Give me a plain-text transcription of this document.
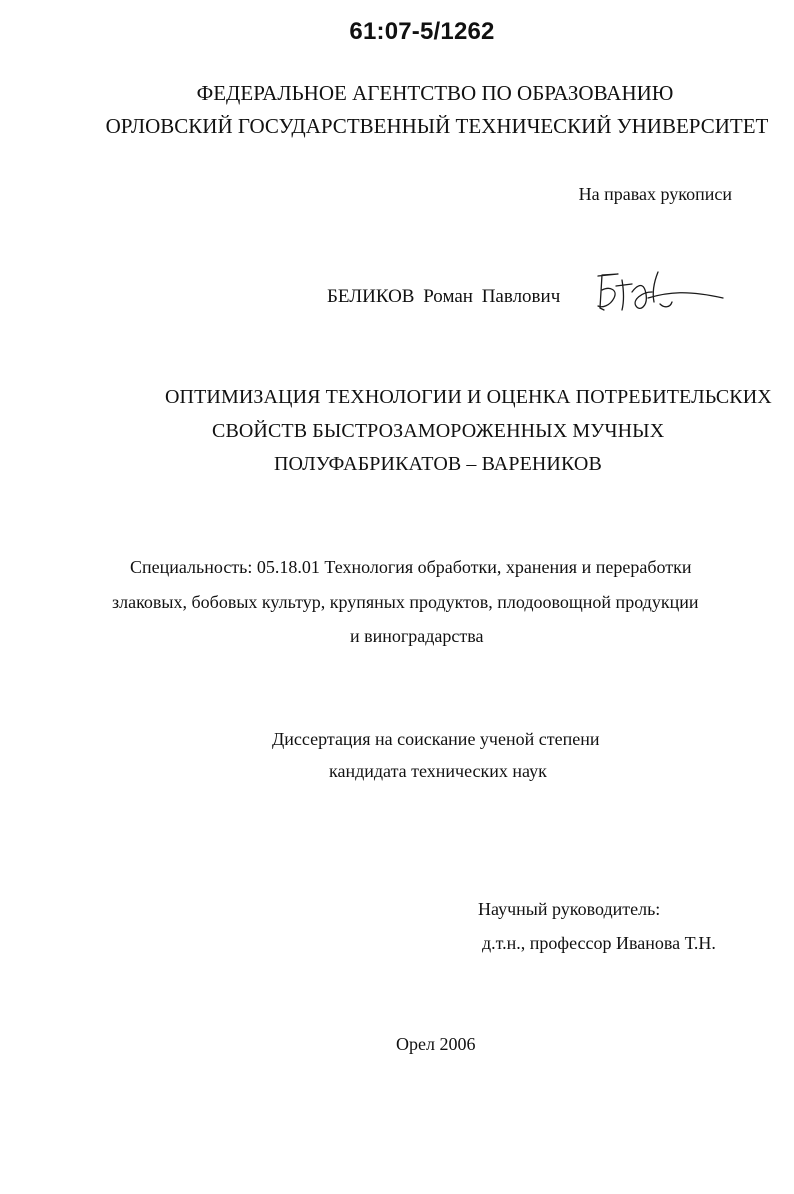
61:07-5/1262
ФЕДЕРАЛЬНОЕ АГЕНТСТВО ПО ОБРАЗОВАНИЮ
ОРЛОВСКИЙ ГОСУДАРСТВЕННЫЙ ТЕХНИЧЕСКИЙ УНИВЕРСИТЕТ
На правах рукописи
БЕЛИКОВ Роман Павлович
ОПТИМИЗАЦИЯ ТЕХНОЛОГИИ И ОЦЕНКА ПОТРЕБИТЕЛЬСКИХ
СВОЙСТВ БЫСТРОЗАМОРОЖЕННЫХ МУЧНЫХ
ПОЛУФАБРИКАТОВ – ВАРЕНИКОВ
Специальность: 05.18.01 Технология обработки, хранения и переработки
злаковых, бобовых культур, крупяных продуктов, плодоовощной продукции
и виноградарства
Диссертация на соискание ученой степени
кандидата технических наук
Научный руководитель:
д.т.н., профессор Иванова Т.Н.
Орел 2006
